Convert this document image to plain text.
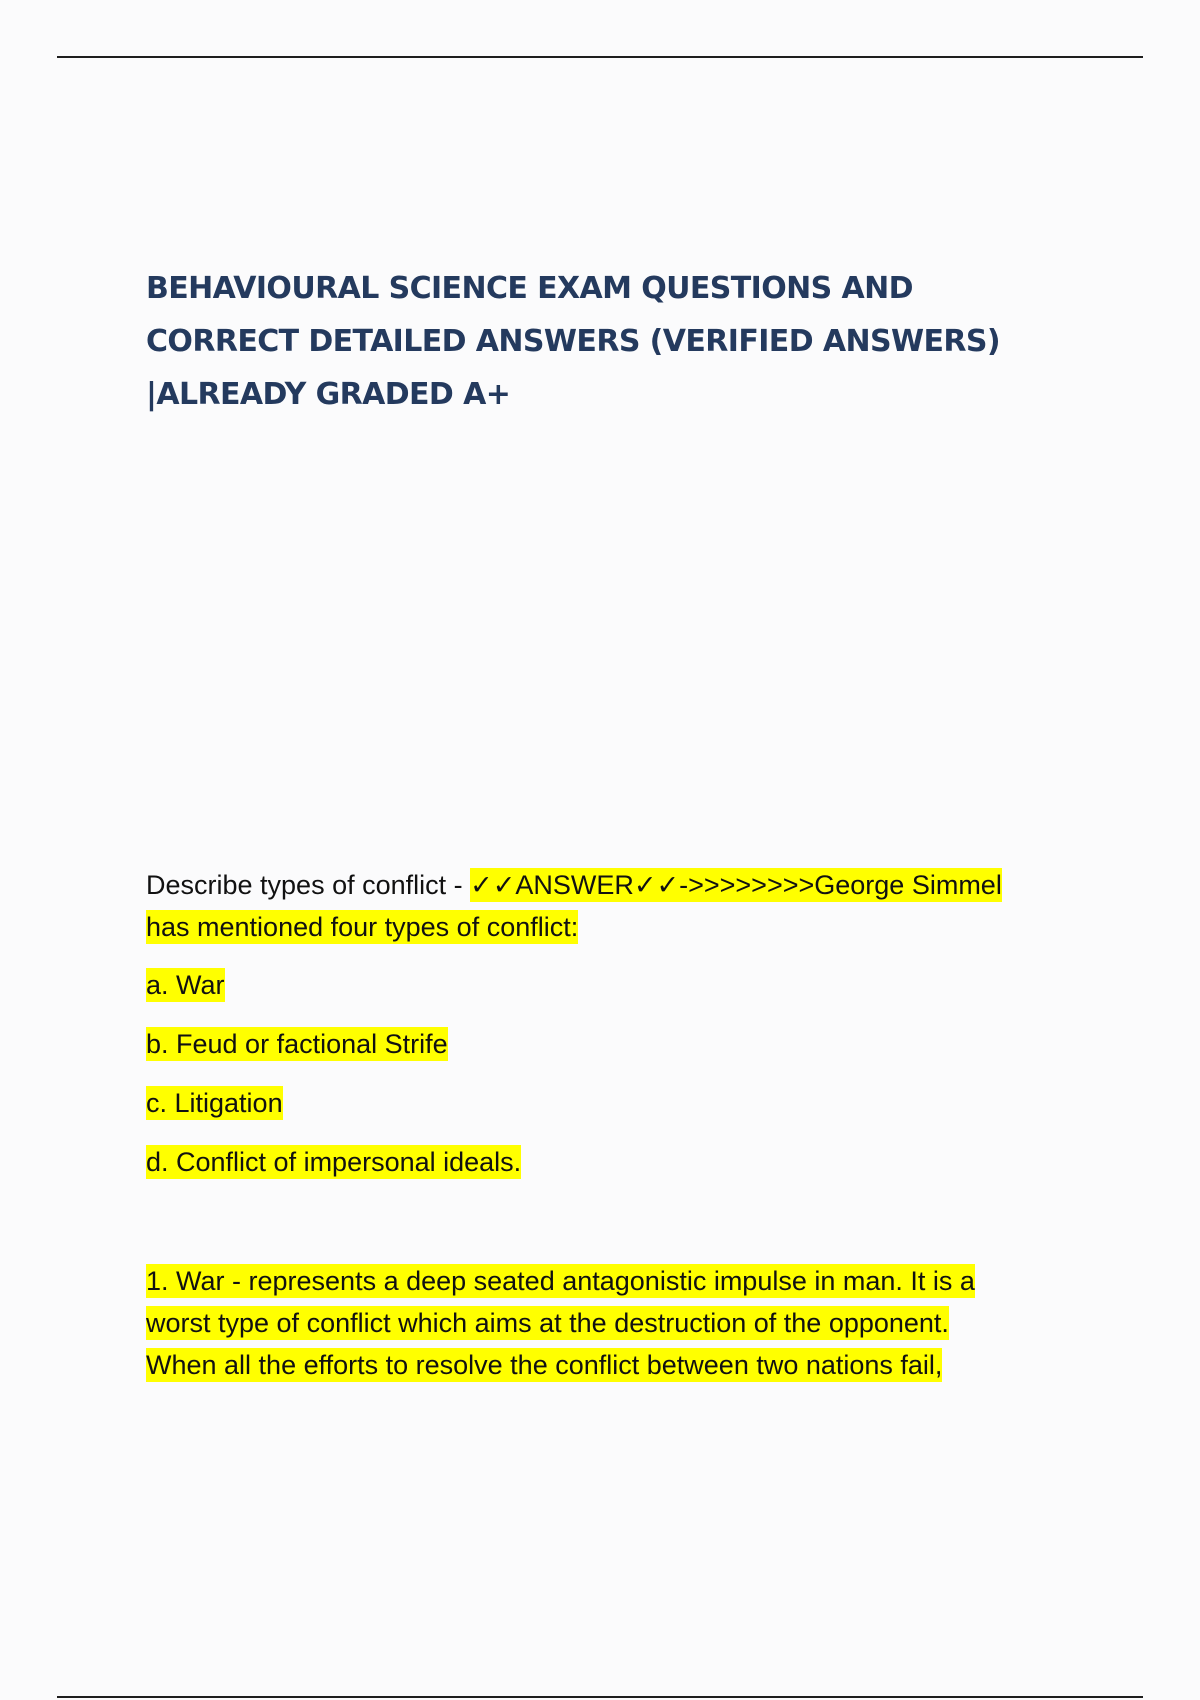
BEHAVIOURAL SCIENCE EXAM QUESTIONS AND
CORRECT DETAILED ANSWERS (VERIFIED ANSWERS)
|ALREADY GRADED A+

Describe types of conflict - ✓✓ANSWER✓✓->>>>>>>>George Simmel

has mentioned four types of conflict:

a. War

b. Feud or factional Strife

c. Litigation

d. Conflict of impersonal ideals.

1. War - represents a deep seated antagonistic impulse in man. It is a
worst type of conflict which aims at the destruction of the opponent.
When all the efforts to resolve the conflict between two nations fail,
